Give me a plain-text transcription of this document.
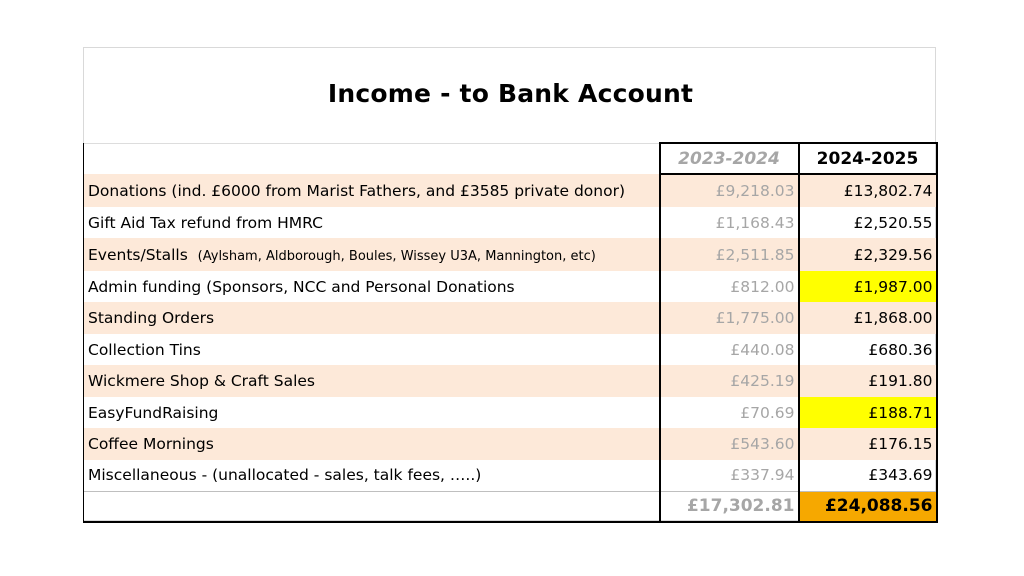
Income - to Bank Account
	2023-2024	2024-2025
Donations (ind. £6000 from Marist Fathers, and £3585 private donor)	£9,218.03	£13,802.74
Gift Aid Tax refund from HMRC	£1,168.43	£2,520.55
Events/Stalls (Aylsham, Aldborough, Boules, Wissey U3A, Mannington, etc)	£2,511.85	£2,329.56
Admin funding (Sponsors, NCC and Personal Donations	£812.00	£1,987.00
Standing Orders	£1,775.00	£1,868.00
Collection Tins	£440.08	£680.36
Wickmere Shop & Craft Sales	£425.19	£191.80
EasyFundRaising	£70.69	£188.71
Coffee Mornings	£543.60	£176.15
Miscellaneous - (unallocated - sales, talk fees, …..)	£337.94	£343.69
	£17,302.81	£24,088.56
